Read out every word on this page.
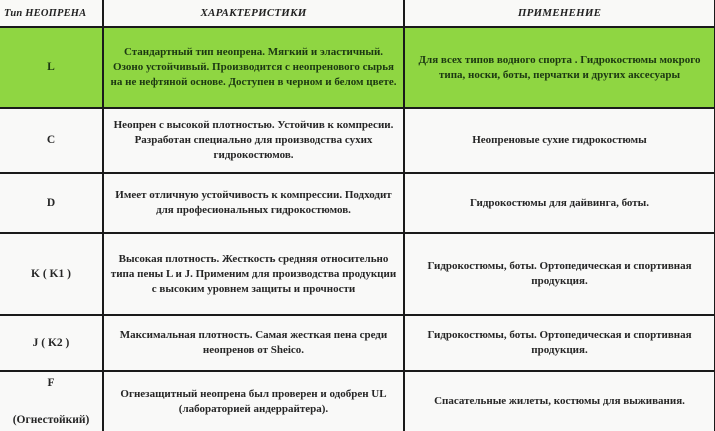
Тип НЕОПРЕНА	ХАРАКТЕРИСТИКИ	ПРИМЕНЕНИЕ
L	Стандартный тип неопрена. Мягкий и эластичный. Озоно устойчивый. Производится с неопренового сырья на не нефтяной основе. Доступен в черном и белом цвете.	Для всех типов водного спорта . Гидрокостюмы мокрого типа, носки, боты, перчатки и других аксесуары
C	Неопрен с высокой плотностью. Устойчив к компресии. Разработан специально для производства сухих гидрокостюмов.	Неопреновые сухие гидрокостюмы
D	Имеет отличную устойчивость к компрессии. Подходит для професиональных гидрокостюмов.	Гидрокостюмы для дайвинга, боты.
K ( K1 )	Высокая плотность. Жесткость средняя относительно типа пены L и J. Применим для производства продукции с высоким уровнем защиты и прочности	Гидрокостюмы, боты. Ортопедическая и спортивная продукция.
J ( K2 )	Максимальная плотность. Самая жесткая пена среди неопренов от Sheico.	Гидрокостюмы, боты. Ортопедическая и спортивная продукция.

F
(Огнестойкий)	Огнезащитный неопрена был проверен и одобрен UL (лабораторией андеррайтера).	Спасательные жилеты, костюмы для выживания.
